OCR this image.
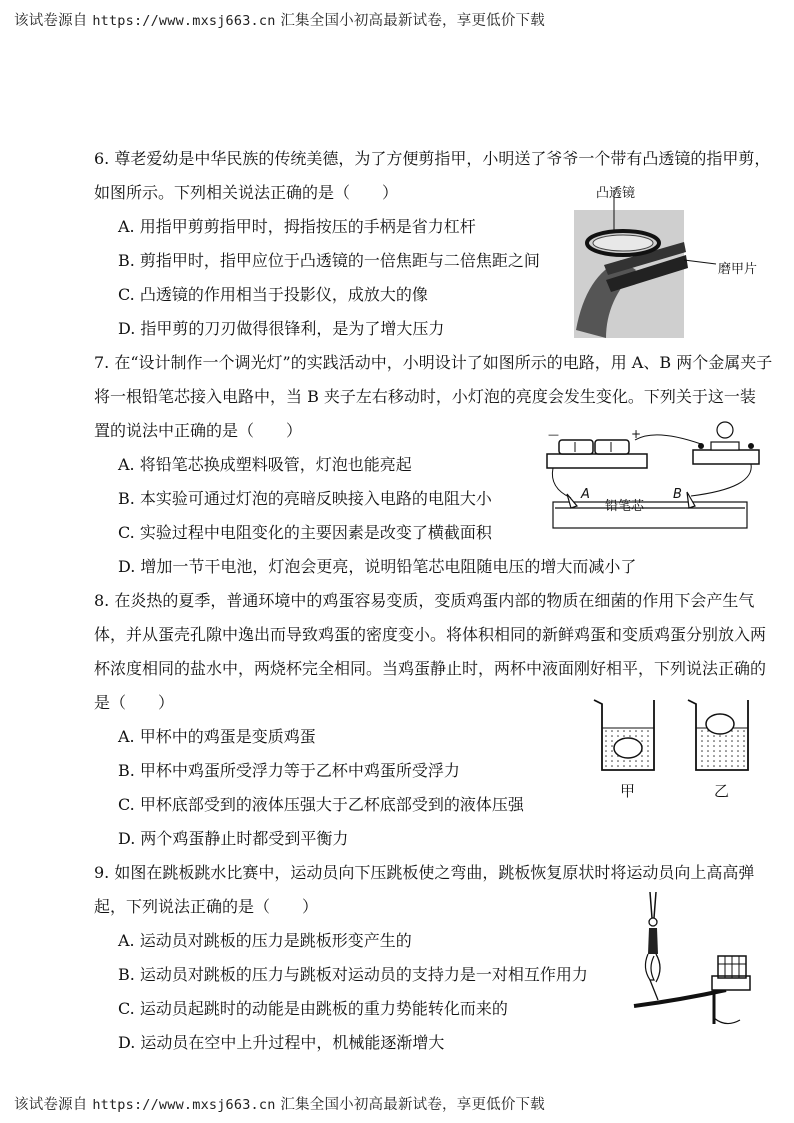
该试卷源自 https://www.mxsj663.cn 汇集全国小初高最新试卷，享更低价下载
6. 尊老爱幼是中华民族的传统美德，为了方便剪指甲，小明送了爷爷一个带有凸透镜的指甲剪，
如图所示。下列相关说法正确的是（　　）
A. 用指甲剪剪指甲时，拇指按压的手柄是省力杠杆
B. 剪指甲时，指甲应位于凸透镜的一倍焦距与二倍焦距之间
C. 凸透镜的作用相当于投影仪，成放大的像
D. 指甲剪的刀刃做得很锋利，是为了增大压力
凸透镜
磨甲片
7. 在“设计制作一个调光灯”的实践活动中，小明设计了如图所示的电路，用 A、B 两个金属夹子
将一根铅笔芯接入电路中，当 B 夹子左右移动时，小灯泡的亮度会发生变化。下列关于这一装
置的说法中正确的是（　　）
A. 将铅笔芯换成塑料吸管，灯泡也能亮起
B. 本实验可通过灯泡的亮暗反映接入电路的电阻大小
C. 实验过程中电阻变化的主要因素是改变了横截面积
D. 增加一节干电池，灯泡会更亮，说明铅笔芯电阻随电压的增大而减小了
—	+
A
铅笔芯
B
8. 在炎热的夏季，普通环境中的鸡蛋容易变质，变质鸡蛋内部的物质在细菌的作用下会产生气
体，并从蛋壳孔隙中逸出而导致鸡蛋的密度变小。将体积相同的新鲜鸡蛋和变质鸡蛋分别放入两
杯浓度相同的盐水中，两烧杯完全相同。当鸡蛋静止时，两杯中液面刚好相平，下列说法正确的
是（　　）
A. 甲杯中的鸡蛋是变质鸡蛋
B. 甲杯中鸡蛋所受浮力等于乙杯中鸡蛋所受浮力
C. 甲杯底部受到的液体压强大于乙杯底部受到的液体压强
D. 两个鸡蛋静止时都受到平衡力
甲	乙
9. 如图在跳板跳水比赛中，运动员向下压跳板使之弯曲，跳板恢复原状时将运动员向上高高弹
起，下列说法正确的是（　　）
A. 运动员对跳板的压力是跳板形变产生的
B. 运动员对跳板的压力与跳板对运动员的支持力是一对相互作用力
C. 运动员起跳时的动能是由跳板的重力势能转化而来的
D. 运动员在空中上升过程中，机械能逐渐增大
该试卷源自 https://www.mxsj663.cn 汇集全国小初高最新试卷，享更低价下载
